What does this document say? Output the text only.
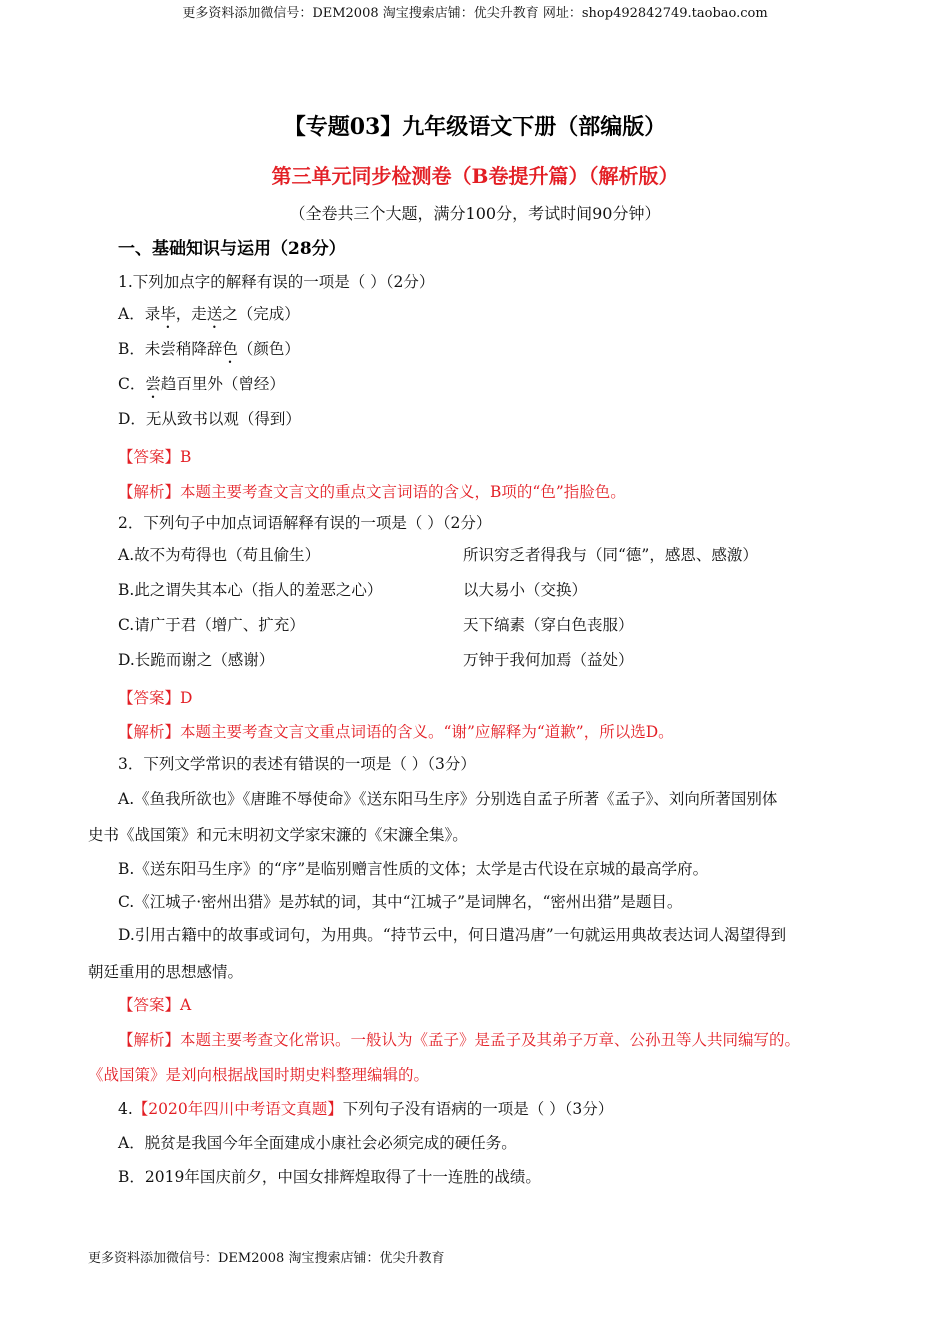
更多资料添加微信号：DEM2008 淘宝搜索店铺：优尖升教育 网址：shop492842749.taobao.com
【专题03】九年级语文下册（部编版）
第三单元同步检测卷（B卷提升篇）（解析版）
（全卷共三个大题，满分100分，考试时间90分钟）
一、基础知识与运用（28分）
1.下列加点字的解释有误的一项是（ ）（2分）
A．录毕，走送之（完成）
B．未尝稍降辞色（颜色）
C．尝趋百里外（曾经）
D．无从致书以观（得到）
【答案】B
【解析】本题主要考查文言文的重点文言词语的含义，B项的“色”指脸色。
2．下列句子中加点词语解释有误的一项是（ ）（2分）
A.故不为苟得也（苟且偷生）	所识穷乏者得我与（同“德”，感恩、感激）
B.此之谓失其本心（指人的羞恶之心）	以大易小（交换）
C.请广于君（增广、扩充）	天下缟素（穿白色丧服）
D.长跪而谢之（感谢）	万钟于我何加焉（益处）
【答案】D
【解析】本题主要考查文言文重点词语的含义。“谢”应解释为“道歉”，所以选D。
3．下列文学常识的表述有错误的一项是（ ）（3分）
A.《鱼我所欲也》《唐雎不辱使命》《送东阳马生序》分别选自孟子所著《孟子》、刘向所著国别体
史书《战国策》和元末明初文学家宋濂的《宋濂全集》。
B.《送东阳马生序》的“序”是临别赠言性质的文体；太学是古代设在京城的最高学府。
C.《江城子·密州出猎》是苏轼的词，其中“江城子”是词牌名，“密州出猎”是题目。
D.引用古籍中的故事或词句，为用典。“持节云中，何日遣冯唐”一句就运用典故表达词人渴望得到
朝廷重用的思想感情。
【答案】A
【解析】本题主要考查文化常识。一般认为《孟子》是孟子及其弟子万章、公孙丑等人共同编写的。
《战国策》是刘向根据战国时期史料整理编辑的。
4.【2020年四川中考语文真题】下列句子没有语病的一项是（ ）（3分）
A．脱贫是我国今年全面建成小康社会必须完成的硬任务。
B．2019年国庆前夕，中国女排辉煌取得了十一连胜的战绩。
更多资料添加微信号：DEM2008 淘宝搜索店铺：优尖升教育
